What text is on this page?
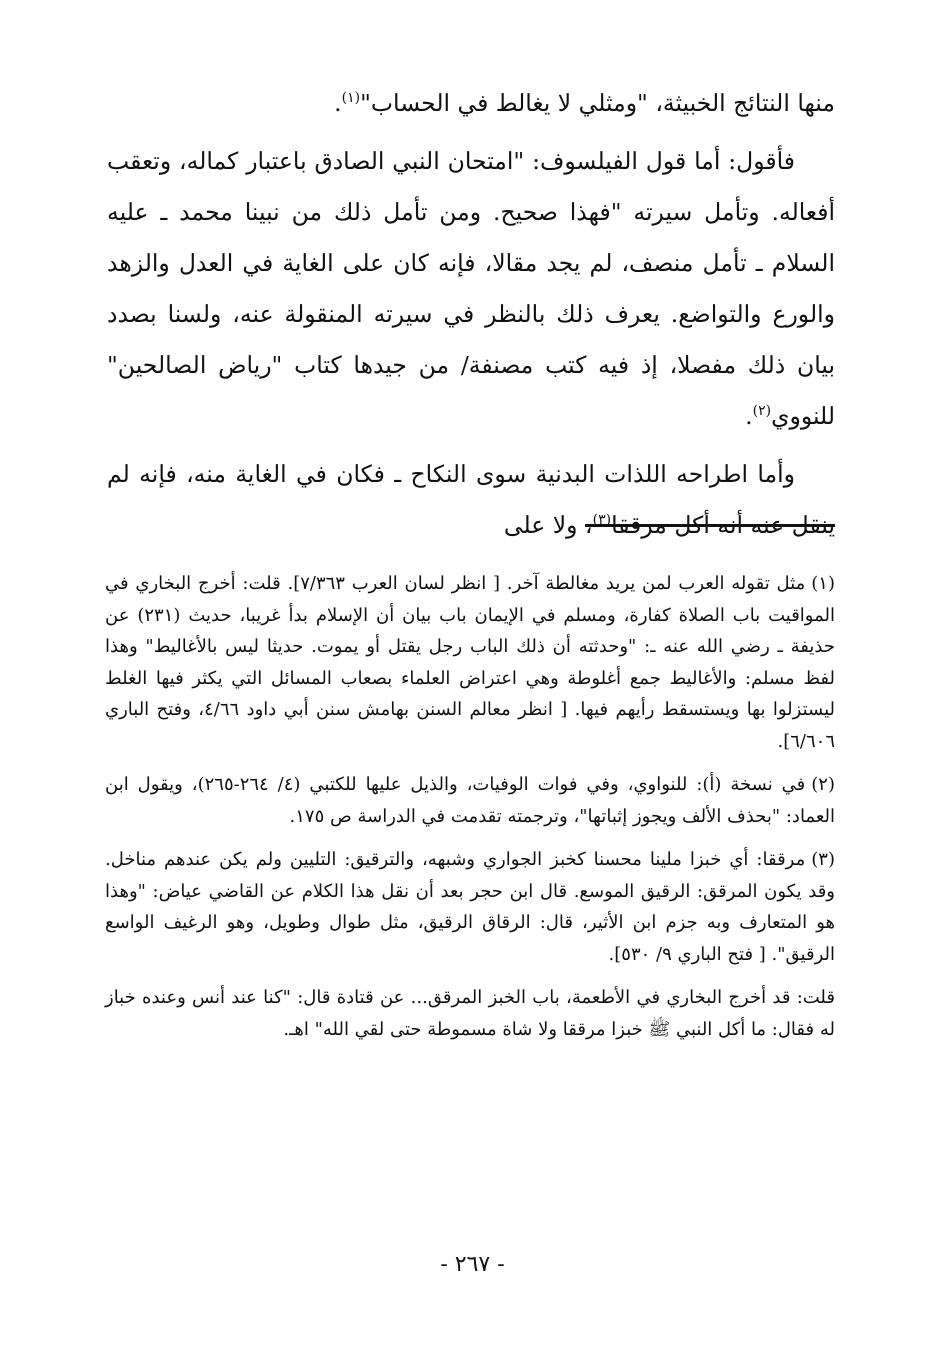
منها النتائج الخبيثة، "ومثلي لا يغالط في الحساب"$^{(١)}$.

فأقول: أما قول الفيلسوف: "امتحان النبي الصادق باعتبار كماله، وتعقب أفعاله. وتأمل سيرته "فهذا صحيح. ومن تأمل ذلك من نبينا محمد ـ عليه السلام ـ تأمل منصف، لم يجد مقالا، فإنه كان على الغاية في العدل والزهد والورع والتواضع. يعرف ذلك بالنظر في سيرته المنقولة عنه، ولسنا بصدد بيان ذلك مفصلا، إذ فيه كتب مصنفة/ من جيدها كتاب "رياض الصالحين" للنووي$^{(٢)}$.

وأما اطراحه اللذات البدنية سوى النكاح ـ فكان في الغاية منه، فإنه لم ينقل عنه أنه أكل مرققا$^{(٣)}$، ولا على

(١)مثل تقوله العرب لمن يريد مغالطة آخر. [ انظر لسان العرب ٧/٣٦٣]. قلت: أخرج البخاري في المواقيت باب الصلاة كفارة، ومسلم في الإيمان باب بيان أن الإسلام بدأ غريبا، حديث (٢٣١) عن حذيفة ـ رضي الله عنه ـ: "وحدثته أن ذلك الباب رجل يقتل أو يموت. حديثا ليس بالأغاليط" وهذا لفظ مسلم: والأغاليط جمع أغلوطة وهي اعتراض العلماء بصعاب المسائل التي يكثر فيها الغلط ليستزلوا بها ويستسقط رأيهم فيها. [ انظر معالم السنن بهامش سنن أبي داود ٤/٦٦، وفتح الباري ٦/٦٠٦].

(٢)في نسخة (أ): للنواوي، وفي فوات الوفيات، والذيل عليها للكتبي (٤/ ٢٦٤-٢٦٥)، ويقول ابن العماد: "بحذف الألف ويجوز إثباتها"، وترجمته تقدمت في الدراسة ص ١٧٥.

(٣)مرققا: أي خبزا ملينا محسنا كخبز الجواري وشبهه، والترقيق: التليين ولم يكن عندهم مناخل. وقد يكون المرقق: الرقيق الموسع. قال ابن حجر بعد أن نقل هذا الكلام عن القاضي عياض: "وهذا هو المتعارف وبه جزم ابن الأثير، قال: الرقاق الرقيق، مثل طوال وطويل، وهو الرغيف الواسع الرقيق". [ فتح الباري ٩/ ٥٣٠].

قلت: قد أخرج البخاري في الأطعمة، باب الخبز المرقق... عن قتادة قال: "كنا عند أنس وعنده خباز له فقال: ما أكل النبي ﷺ خبزا مرققا ولا شاة مسموطة حتى لقي الله" اهـ.

- ٢٦٧ -
